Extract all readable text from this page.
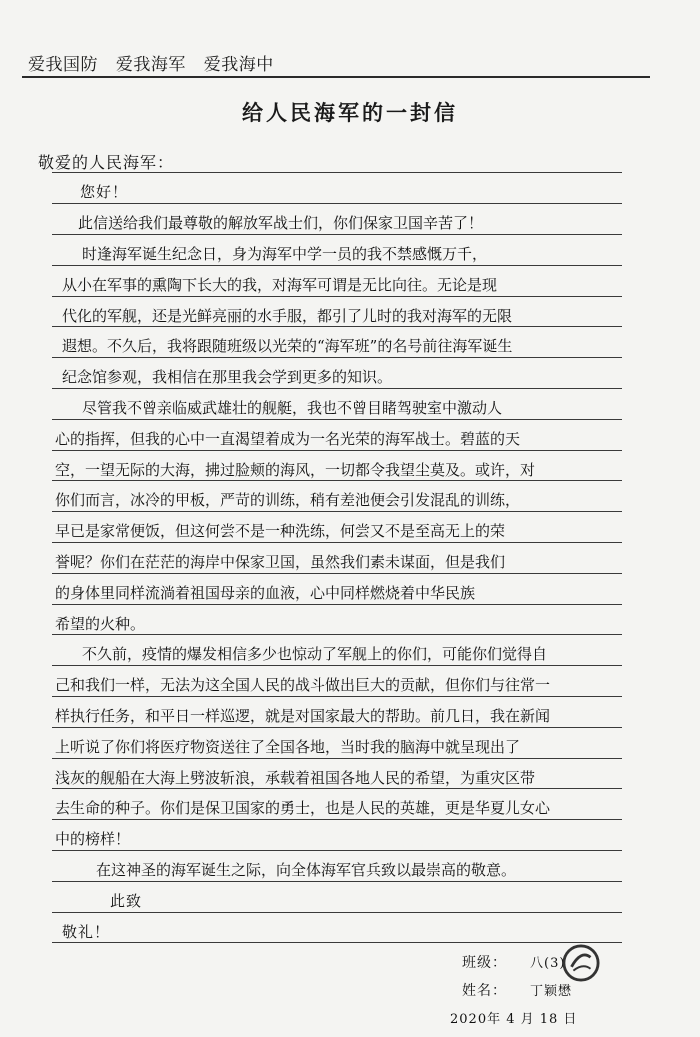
爱我国防 爱我海军 爱我海中
给人民海军的一封信
敬爱的人民海军：
您好！
此信送给我们最尊敬的解放军战士们，你们保家卫国辛苦了！
时逢海军诞生纪念日，身为海军中学一员的我不禁感慨万千，
从小在军事的熏陶下长大的我，对海军可谓是无比向往。无论是现
代化的军舰，还是光鲜亮丽的水手服，都引了儿时的我对海军的无限
遐想。不久后，我将跟随班级以光荣的“海军班”的名号前往海军诞生
纪念馆参观，我相信在那里我会学到更多的知识。
尽管我不曾亲临威武雄壮的舰艇，我也不曾目睹驾驶室中激动人
心的指挥，但我的心中一直渴望着成为一名光荣的海军战士。碧蓝的天
空，一望无际的大海，拂过脸颊的海风，一切都令我望尘莫及。或许，对
你们而言，冰冷的甲板，严苛的训练，稍有差池便会引发混乱的训练，
早已是家常便饭，但这何尝不是一种洗练，何尝又不是至高无上的荣
誉呢？你们在茫茫的海岸中保家卫国，虽然我们素未谋面，但是我们
的身体里同样流淌着祖国母亲的血液，心中同样燃烧着中华民族
希望的火种。
不久前，疫情的爆发相信多少也惊动了军舰上的你们，可能你们觉得自
己和我们一样，无法为这全国人民的战斗做出巨大的贡献，但你们与往常一
样执行任务，和平日一样巡逻，就是对国家最大的帮助。前几日，我在新闻
上听说了你们将医疗物资送往了全国各地，当时我的脑海中就呈现出了
浅灰的舰船在大海上劈波斩浪，承载着祖国各地人民的希望，为重灾区带
去生命的种子。你们是保卫国家的勇士，也是人民的英雄，更是华夏儿女心
中的榜样！
在这神圣的海军诞生之际，向全体海军官兵致以最崇高的敬意。
此致
敬礼！
班级： 八(3)
姓名： 丁颖懋
2020年 4 月 18 日
